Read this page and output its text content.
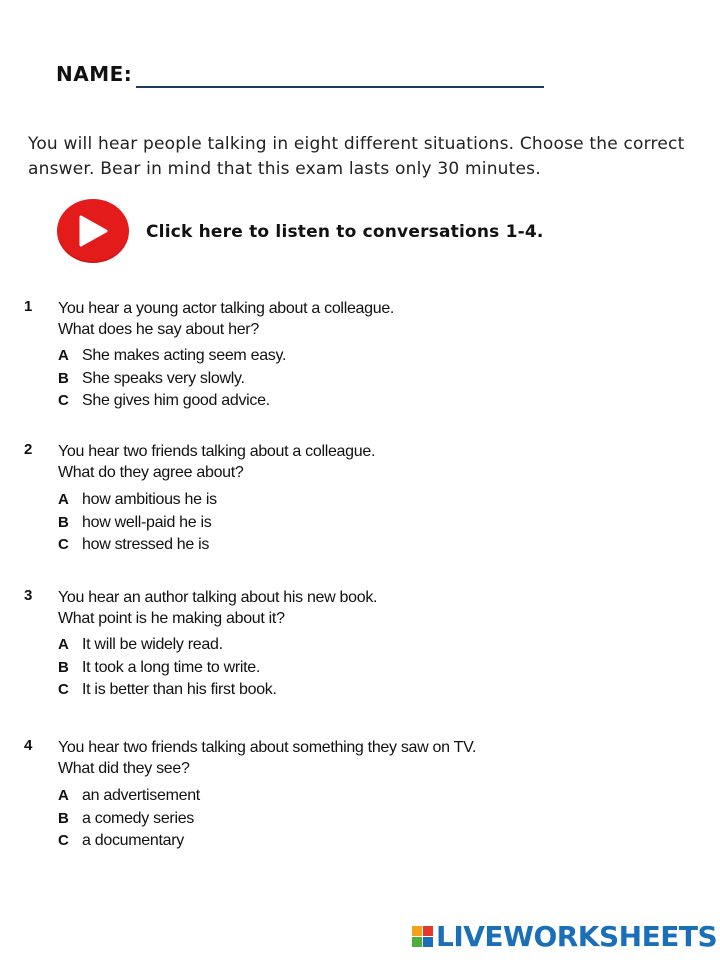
NAME:
You will hear people talking in eight different situations. Choose the correct answer. Bear in mind that this exam lasts only 30 minutes.
Click here to listen to conversations 1-4.
1 You hear a young actor talking about a colleague.
What does he say about her?
A She makes acting seem easy.
B She speaks very slowly.
C She gives him good advice.
2 You hear two friends talking about a colleague.
What do they agree about?
A how ambitious he is
B how well-paid he is
C how stressed he is
3 You hear an author talking about his new book.
What point is he making about it?
A It will be widely read.
B It took a long time to write.
C It is better than his first book.
4 You hear two friends talking about something they saw on TV.
What did they see?
A an advertisement
B a comedy series
C a documentary
LIVEWORKSHEETS
